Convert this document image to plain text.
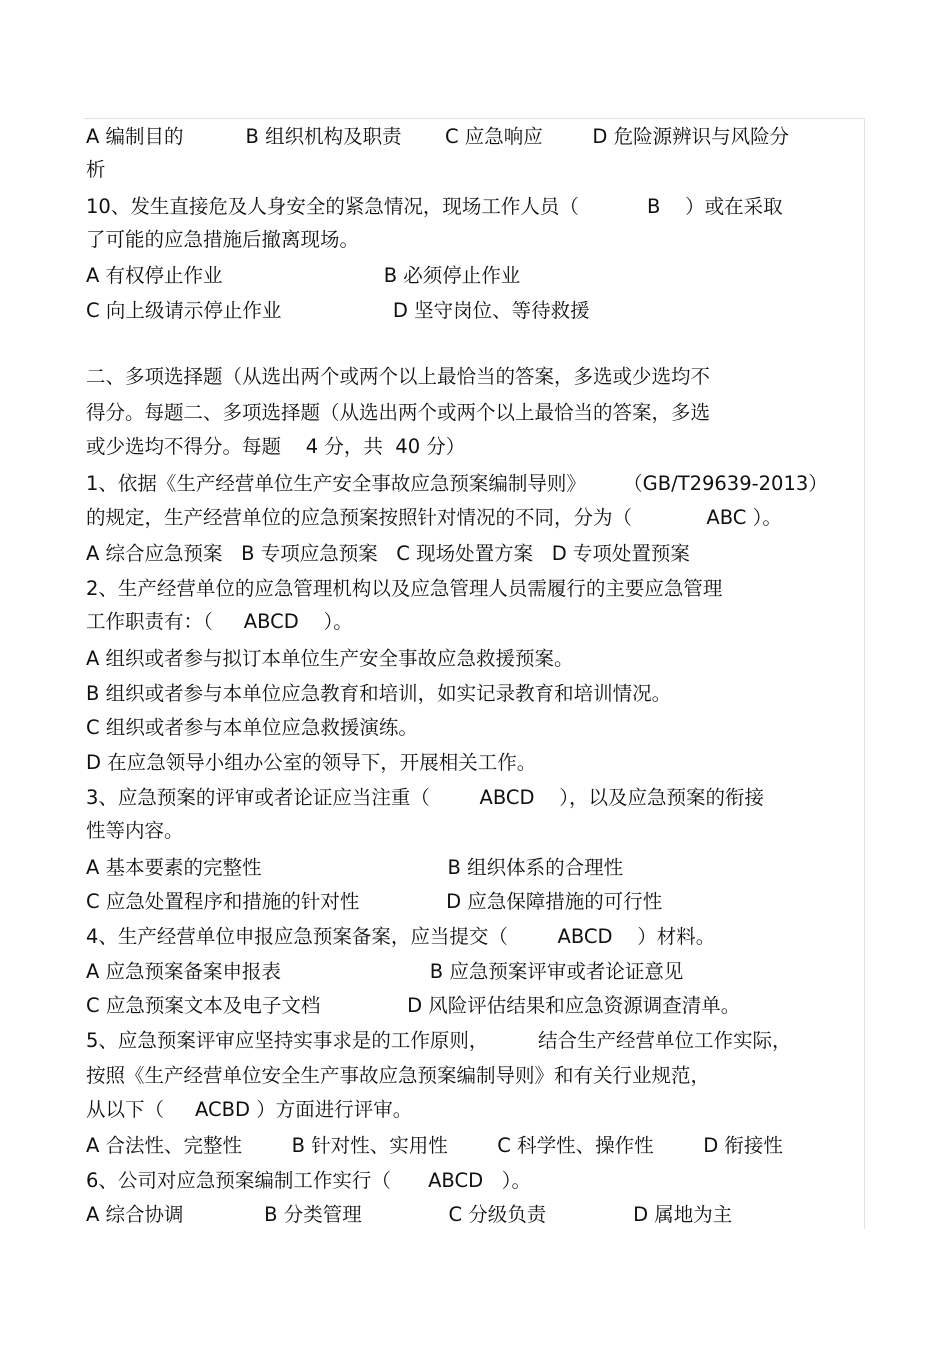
A 编制目的          B 组织机构及职责       C 应急响应        D 危险源辨识与风险分
析
10、发生直接危及人身安全的紧急情况，现场工作人员（           B    ）或在采取
了可能的应急措施后撤离现场。
A 有权停止作业                          B 必须停止作业
C 向上级请示停止作业                  D 坚守岗位、等待救援
二、多项选择题（从选出两个或两个以上最恰当的答案，多选或少选均不
得分。每题二、多项选择题（从选出两个或两个以上最恰当的答案，多选
或少选均不得分。每题    4 分，共  40 分）
1、依据《生产经营单位生产安全事故应急预案编制导则》      （GB/T29639-2013）
的规定，生产经营单位的应急预案按照针对情况的不同，分为（            ABC ）。
A 综合应急预案   B 专项应急预案   C 现场处置方案   D 专项处置预案
2、生产经营单位的应急管理机构以及应急管理人员需履行的主要应急管理
工作职责有：（     ABCD    ）。
A 组织或者参与拟订本单位生产安全事故应急救援预案。
B 组织或者参与本单位应急教育和培训，如实记录教育和培训情况。
C 组织或者参与本单位应急救援演练。
D 在应急领导小组办公室的领导下，开展相关工作。
3、应急预案的评审或者论证应当注重（        ABCD    ），以及应急预案的衔接
性等内容。
A 基本要素的完整性                              B 组织体系的合理性
C 应急处置程序和措施的针对性              D 应急保障措施的可行性
4、生产经营单位申报应急预案备案，应当提交（        ABCD    ）材料。
A 应急预案备案申报表                        B 应急预案评审或者论证意见
C 应急预案文本及电子文档              D 风险评估结果和应急资源调查清单。
5、应急预案评审应坚持实事求是的工作原则，        结合生产经营单位工作实际，
按照《生产经营单位安全生产事故应急预案编制导则》和有关行业规范，
从以下（     ACBD ）方面进行评审。
A 合法性、完整性        B 针对性、实用性        C 科学性、操作性        D 衔接性
6、公司对应急预案编制工作实行（      ABCD   ）。
A 综合协调             B 分类管理              C 分级负责              D 属地为主
